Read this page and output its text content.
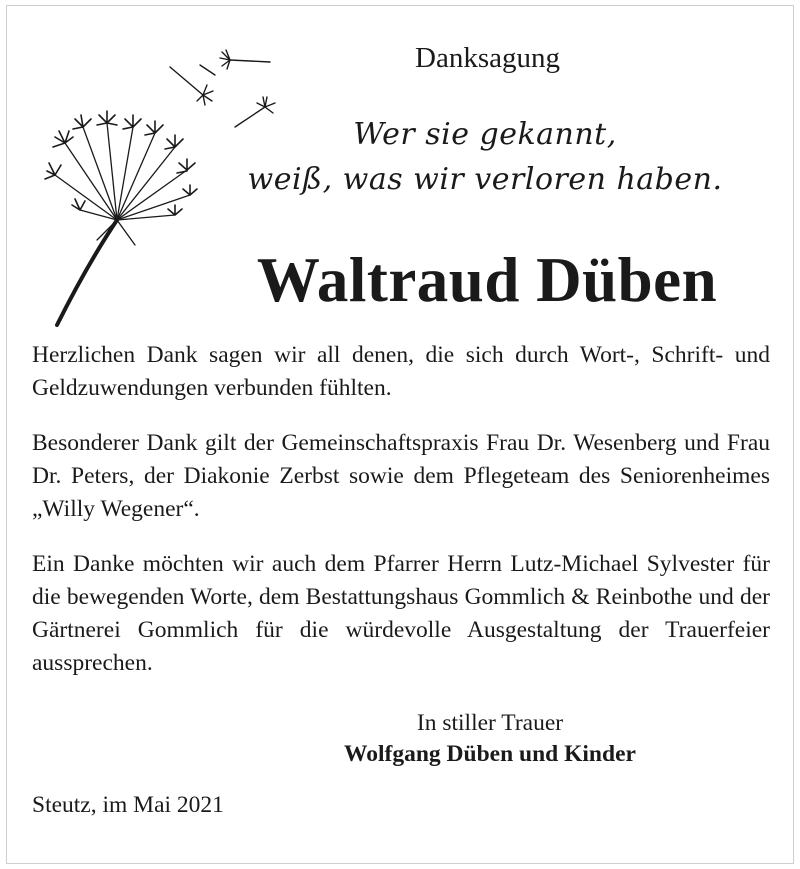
Danksagung
Wer sie gekannt,
weiß, was wir verloren haben.
Waltraud Düben

Herzlichen Dank sagen wir all denen, die sich durch Wort-, Schrift- und Geldzuwendungen verbunden fühlten.

Besonderer Dank gilt der Gemeinschaftspraxis Frau Dr. Wesenberg und Frau Dr. Peters, der Diakonie Zerbst sowie dem Pflegeteam des Seniorenheimes „Willy Wegener“.

Ein Danke möchten wir auch dem Pfarrer Herrn Lutz-Michael Sylvester für die bewegenden Worte, dem Bestattungshaus Gommlich & Reinbothe und der Gärtnerei Gommlich für die würdevolle Ausgestaltung der Trauerfeier aussprechen.

In stiller Trauer
Wolfgang Düben und Kinder
Steutz, im Mai 2021
